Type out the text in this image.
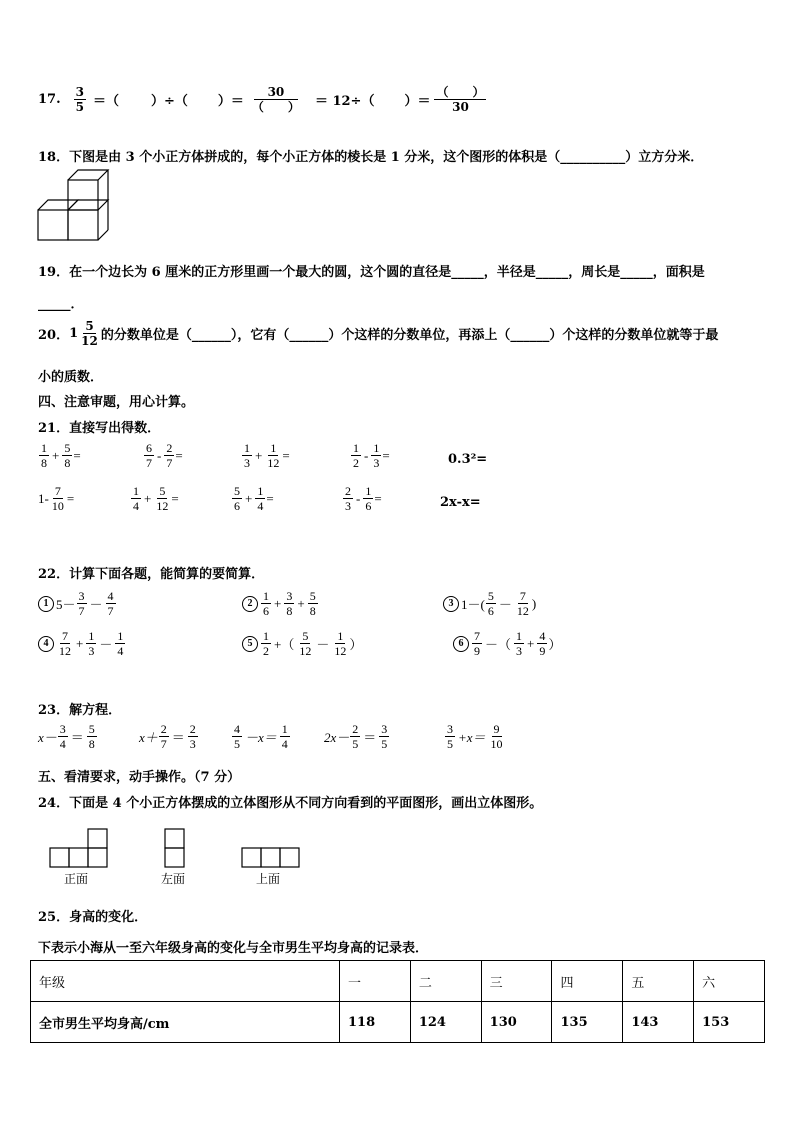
17. $\frac{3}{5}$ ＝（ ）÷（ ）＝ $\frac{30}{( )} = 12\div$（ ）＝ $\frac{( )}{30}$
18．下图是由 3 个小正方体拼成的，每个小正方体的棱长是 1 分米，这个图形的体积是（__________）立方分米．
19．在一个边长为 6 厘米的正方形里画一个最大的圆，这个圆的直径是_____，半径是_____，周长是_____，面积是
_____．
20． $1 \frac{5}{12}$ 的分数单位是（______），它有（______）个这样的分数单位，再添上（______）个这样的分数单位就等于最
小的质数．
四、注意审题，用心计算。
21．直接写出得数．
$\frac{1}{8} + \frac{5}{8}$ =	$\frac{6}{7} - \frac{2}{7}$ =	$\frac{1}{3} + \frac{1}{12}$ =	$\frac{1}{2} - \frac{1}{3}$ =	0.3²=
$1- \frac{7}{10}$ =	$\frac{1}{4} + \frac{5}{12}$ =	$\frac{5}{6} + \frac{1}{4}$ =	$\frac{2}{3} - \frac{1}{6}$ =	2x-x=
22．计算下面各题，能简算的要简算．
1 $5- \frac{3}{7} - \frac{4}{7}$	$2 \frac{1}{6} + \frac{3}{8} + \frac{5}{8}$	3 $1-( \frac{5}{6} - \frac{7}{12}$ )
$4 \frac{7}{12} + \frac{1}{3} - \frac{1}{4}$	$5 \frac{1}{2}$ +（ $\frac{5}{12} - \frac{1}{12}$ ）	$6 \frac{7}{9}$ －（ $\frac{1}{3} + \frac{4}{9}$ ）
23．解方程．
$x- \frac{3}{4} = \frac{5}{8}$	$x+ \frac{2}{7} = \frac{2}{3}$	$\frac{4}{5} -x= \frac{1}{4}$	$2x- \frac{2}{5} = \frac{3}{5}$	$\frac{3}{5} +x= \frac{9}{10}$
五、看清要求，动手操作。（7 分）
24．下面是 4 个小正方体摆成的立体图形从不同方向看到的平面图形，画出立体图形。
正面	左面	上面
25．身高的变化．
下表示小海从一至六年级身高的变化与全市男生平均身高的记录表．
年级	一	二	三	四	五	六
全市男生平均身高/cm	118	124	130	135	143	153
